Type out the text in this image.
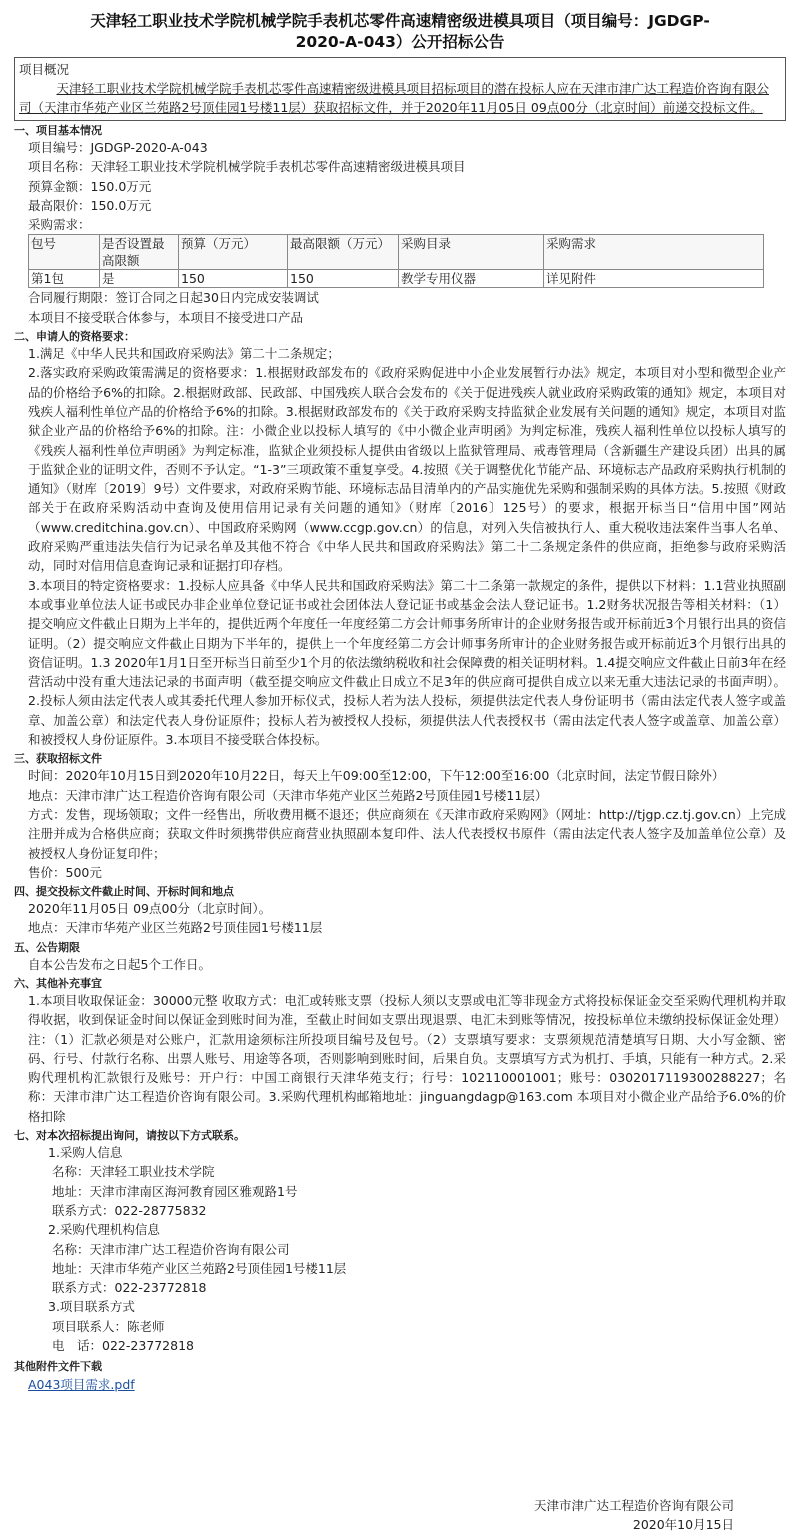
天津轻工职业技术学院机械学院手表机芯零件高速精密级进模具项目（项目编号：JGDGP-
2020-A-043）公开招标公告
项目概况
天津轻工职业技术学院机械学院手表机芯零件高速精密级进模具项目招标项目的潜在投标人应在天津市津广达工程造价咨询有限公司（天津市华苑产业区兰苑路2号顶佳园1号楼11层）获取招标文件，并于2020年11月05日 09点00分（北京时间）前递交投标文件。
一、项目基本情况
项目编号：JGDGP-2020-A-043
项目名称：天津轻工职业技术学院机械学院手表机芯零件高速精密级进模具项目
预算金额：150.0万元
最高限价：150.0万元
采购需求：
包号	是否设置最高限额	预算（万元）	最高限额（万元）	采购目录	采购需求
第1包	是	150	150	教学专用仪器	详见附件
合同履行期限：签订合同之日起30日内完成安装调试
本项目不接受联合体参与，本项目不接受进口产品
二、申请人的资格要求：
1.满足《中华人民共和国政府采购法》第二十二条规定；
2.落实政府采购政策需满足的资格要求：1.根据财政部发布的《政府采购促进中小企业发展暂行办法》规定，本项目对小型和微型企业产品的价格给予6%的扣除。2.根据财政部、民政部、中国残疾人联合会发布的《关于促进残疾人就业政府采购政策的通知》规定，本项目对残疾人福利性单位产品的价格给予6%的扣除。3.根据财政部发布的《关于政府采购支持监狱企业发展有关问题的通知》规定，本项目对监狱企业产品的价格给予6%的扣除。注：小微企业以投标人填写的《中小微企业声明函》为判定标准，残疾人福利性单位以投标人填写的《残疾人福利性单位声明函》为判定标准，监狱企业须投标人提供由省级以上监狱管理局、戒毒管理局（含新疆生产建设兵团）出具的属于监狱企业的证明文件，否则不予认定。“1-3”三项政策不重复享受。4.按照《关于调整优化节能产品、环境标志产品政府采购执行机制的通知》（财库〔2019〕9号）文件要求，对政府采购节能、环境标志品目清单内的产品实施优先采购和强制采购的具体方法。5.按照《财政部关于在政府采购活动中查询及使用信用记录有关问题的通知》（财库〔2016〕125号）的要求，根据开标当日“信用中国”网站（www.creditchina.gov.cn）、中国政府采购网（www.ccgp.gov.cn）的信息，对列入失信被执行人、重大税收违法案件当事人名单、政府采购严重违法失信行为记录名单及其他不符合《中华人民共和国政府采购法》第二十二条规定条件的供应商，拒绝参与政府采购活动，同时对信用信息查询记录和证据打印存档。
3.本项目的特定资格要求：1.投标人应具备《中华人民共和国政府采购法》第二十二条第一款规定的条件，提供以下材料：1.1营业执照副本或事业单位法人证书或民办非企业单位登记证书或社会团体法人登记证书或基金会法人登记证书。1.2财务状况报告等相关材料：（1）提交响应文件截止日期为上半年的，提供近两个年度任一年度经第二方会计师事务所审计的企业财务报告或开标前近3个月银行出具的资信证明。（2）提交响应文件截止日期为下半年的，提供上一个年度经第二方会计师事务所审计的企业财务报告或开标前近3个月银行出具的资信证明。1.3 2020年1月1日至开标当日前至少1个月的依法缴纳税收和社会保障费的相关证明材料。1.4提交响应文件截止日前3年在经营活动中没有重大违法记录的书面声明（截至提交响应文件截止日成立不足3年的供应商可提供自成立以来无重大违法记录的书面声明）。2.投标人须由法定代表人或其委托代理人参加开标仪式，投标人若为法人投标，须提供法定代表人身份证明书（需由法定代表人签字或盖章、加盖公章）和法定代表人身份证原件；投标人若为被授权人投标，须提供法人代表授权书（需由法定代表人签字或盖章、加盖公章）和被授权人身份证原件。3.本项目不接受联合体投标。
三、获取招标文件
时间：2020年10月15日到2020年10月22日，每天上午09:00至12:00，下午12:00至16:00（北京时间，法定节假日除外）
地点：天津市津广达工程造价咨询有限公司（天津市华苑产业区兰苑路2号顶佳园1号楼11层）
方式：发售，现场领取；文件一经售出，所收费用概不退还；供应商须在《天津市政府采购网》（网址：http://tjgp.cz.tj.gov.cn）上完成注册并成为合格供应商；获取文件时须携带供应商营业执照副本复印件、法人代表授权书原件（需由法定代表人签字及加盖单位公章）及被授权人身份证复印件；
售价：500元
四、提交投标文件截止时间、开标时间和地点
2020年11月05日 09点00分（北京时间）。
地点：天津市华苑产业区兰苑路2号顶佳园1号楼11层
五、公告期限
自本公告发布之日起5个工作日。
六、其他补充事宜
1.本项目收取保证金：30000元整 收取方式：电汇或转账支票（投标人须以支票或电汇等非现金方式将投标保证金交至采购代理机构并取得收据，收到保证金时间以保证金到账时间为准，至截止时间如支票出现退票、电汇未到账等情况，按投标单位未缴纳投标保证金处理）注：（1）汇款必须是对公账户，汇款用途须标注所投项目编号及包号。（2）支票填写要求：支票须规范清楚填写日期、大小写金额、密码、行号、付款行名称、出票人账号、用途等各项，否则影响到账时间，后果自负。支票填写方式为机打、手填，只能有一种方式。2.采购代理机构汇款银行及账号：开户行：中国工商银行天津华苑支行；行号：102110001001；账号：0302017119300288227；名称：天津市津广达工程造价咨询有限公司。3.采购代理机构邮箱地址：jinguangdagp@163.com 本项目对小微企业产品给予6.0%的价格扣除
七、对本次招标提出询问，请按以下方式联系。
1.采购人信息
名称：天津轻工职业技术学院
地址：天津市津南区海河教育园区雅观路1号
联系方式：022-28775832
2.采购代理机构信息
名称：天津市津广达工程造价咨询有限公司
地址：天津市华苑产业区兰苑路2号顶佳园1号楼11层
联系方式：022-23772818
3.项目联系方式
项目联系人：陈老师
电　话：022-23772818
其他附件文件下载
A043项目需求.pdf
天津市津广达工程造价咨询有限公司
2020年10月15日
